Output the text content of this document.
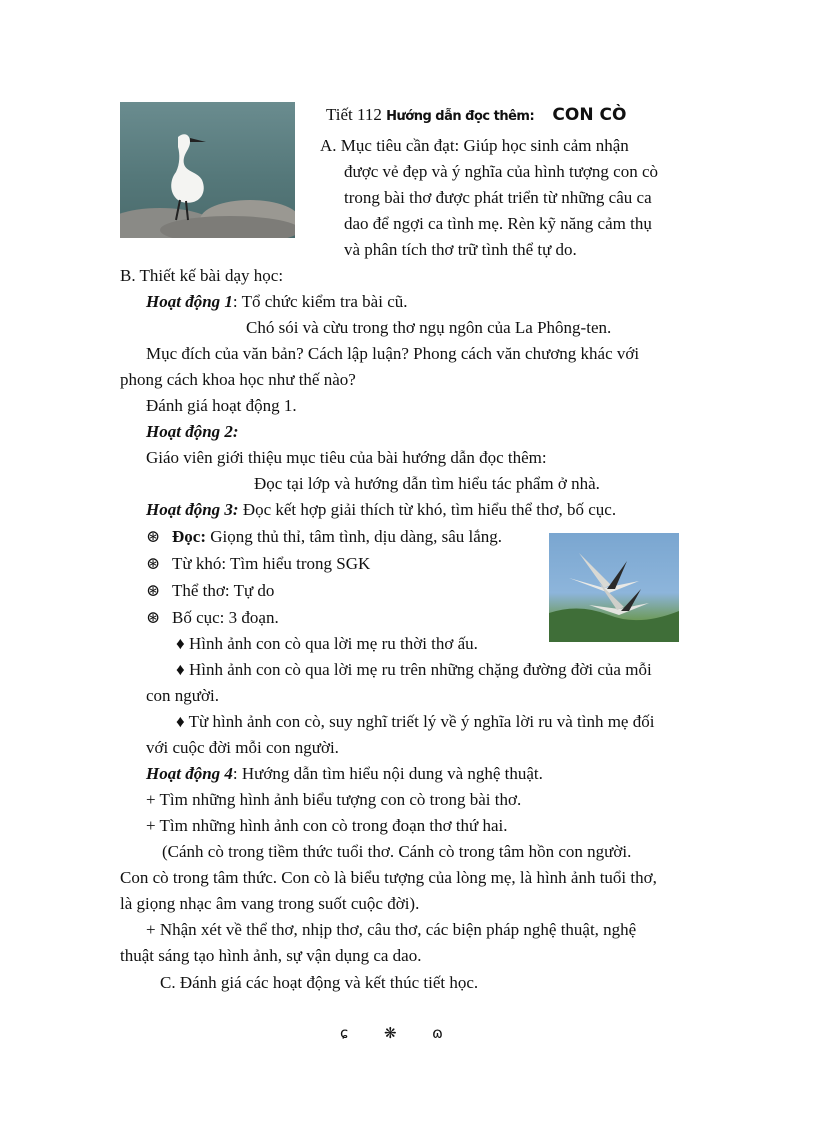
Tiết 112 Hướng dẫn đọc thêm: CON CÒ
A. Mục tiêu cần đạt: Giúp học sinh cảm nhận
được vẻ đẹp và ý nghĩa của hình tượng con cò
trong bài thơ được phát triển từ những câu ca
dao để ngợi ca tình mẹ. Rèn kỹ năng cảm thụ
và phân tích thơ trữ tình thể tự do.
B. Thiết kế bài dạy học:
Hoạt động 1: Tổ chức kiểm tra bài cũ.
Chó sói và cừu trong thơ ngụ ngôn của La Phông-ten.
Mục đích của văn bản? Cách lập luận? Phong cách văn chương khác với
phong cách khoa học như thế nào?
Đánh giá hoạt động 1.
Hoạt động 2:
Giáo viên giới thiệu mục tiêu của bài hướng dẫn đọc thêm:
Đọc tại lớp và hướng dẫn tìm hiểu tác phẩm ở nhà.
Hoạt động 3: Đọc kết hợp giải thích từ khó, tìm hiểu thể thơ, bố cục.
⊛ Đọc: Giọng thủ thỉ, tâm tình, dịu dàng, sâu lắng.
⊛ Từ khó: Tìm hiểu trong SGK
⊛ Thể thơ: Tự do
⊛ Bố cục: 3 đoạn.
♦ Hình ảnh con cò qua lời mẹ ru thời thơ ấu.
♦ Hình ảnh con cò qua lời mẹ ru trên những chặng đường đời của mỗi
con người.
♦ Từ hình ảnh con cò, suy nghĩ triết lý về ý nghĩa lời ru và tình mẹ đối
với cuộc đời mỗi con người.
Hoạt động 4: Hướng dẫn tìm hiểu nội dung và nghệ thuật.
+ Tìm những hình ảnh biểu tượng con cò trong bài thơ.
+ Tìm những hình ảnh con cò trong đoạn thơ thứ hai.
(Cánh cò trong tiềm thức tuổi thơ. Cánh cò trong tâm hồn con người.
Con cò trong tâm thức. Con cò là biểu tượng của lòng mẹ, là hình ảnh tuổi thơ,
là giọng nhạc âm vang trong suốt cuộc đời).
+ Nhận xét về thể thơ, nhịp thơ, câu thơ, các biện pháp nghệ thuật, nghệ
thuật sáng tạo hình ảnh, sự vận dụng ca dao.
C. Đánh giá các hoạt động và kết thúc tiết học.
ɕ ❋ ɷ
